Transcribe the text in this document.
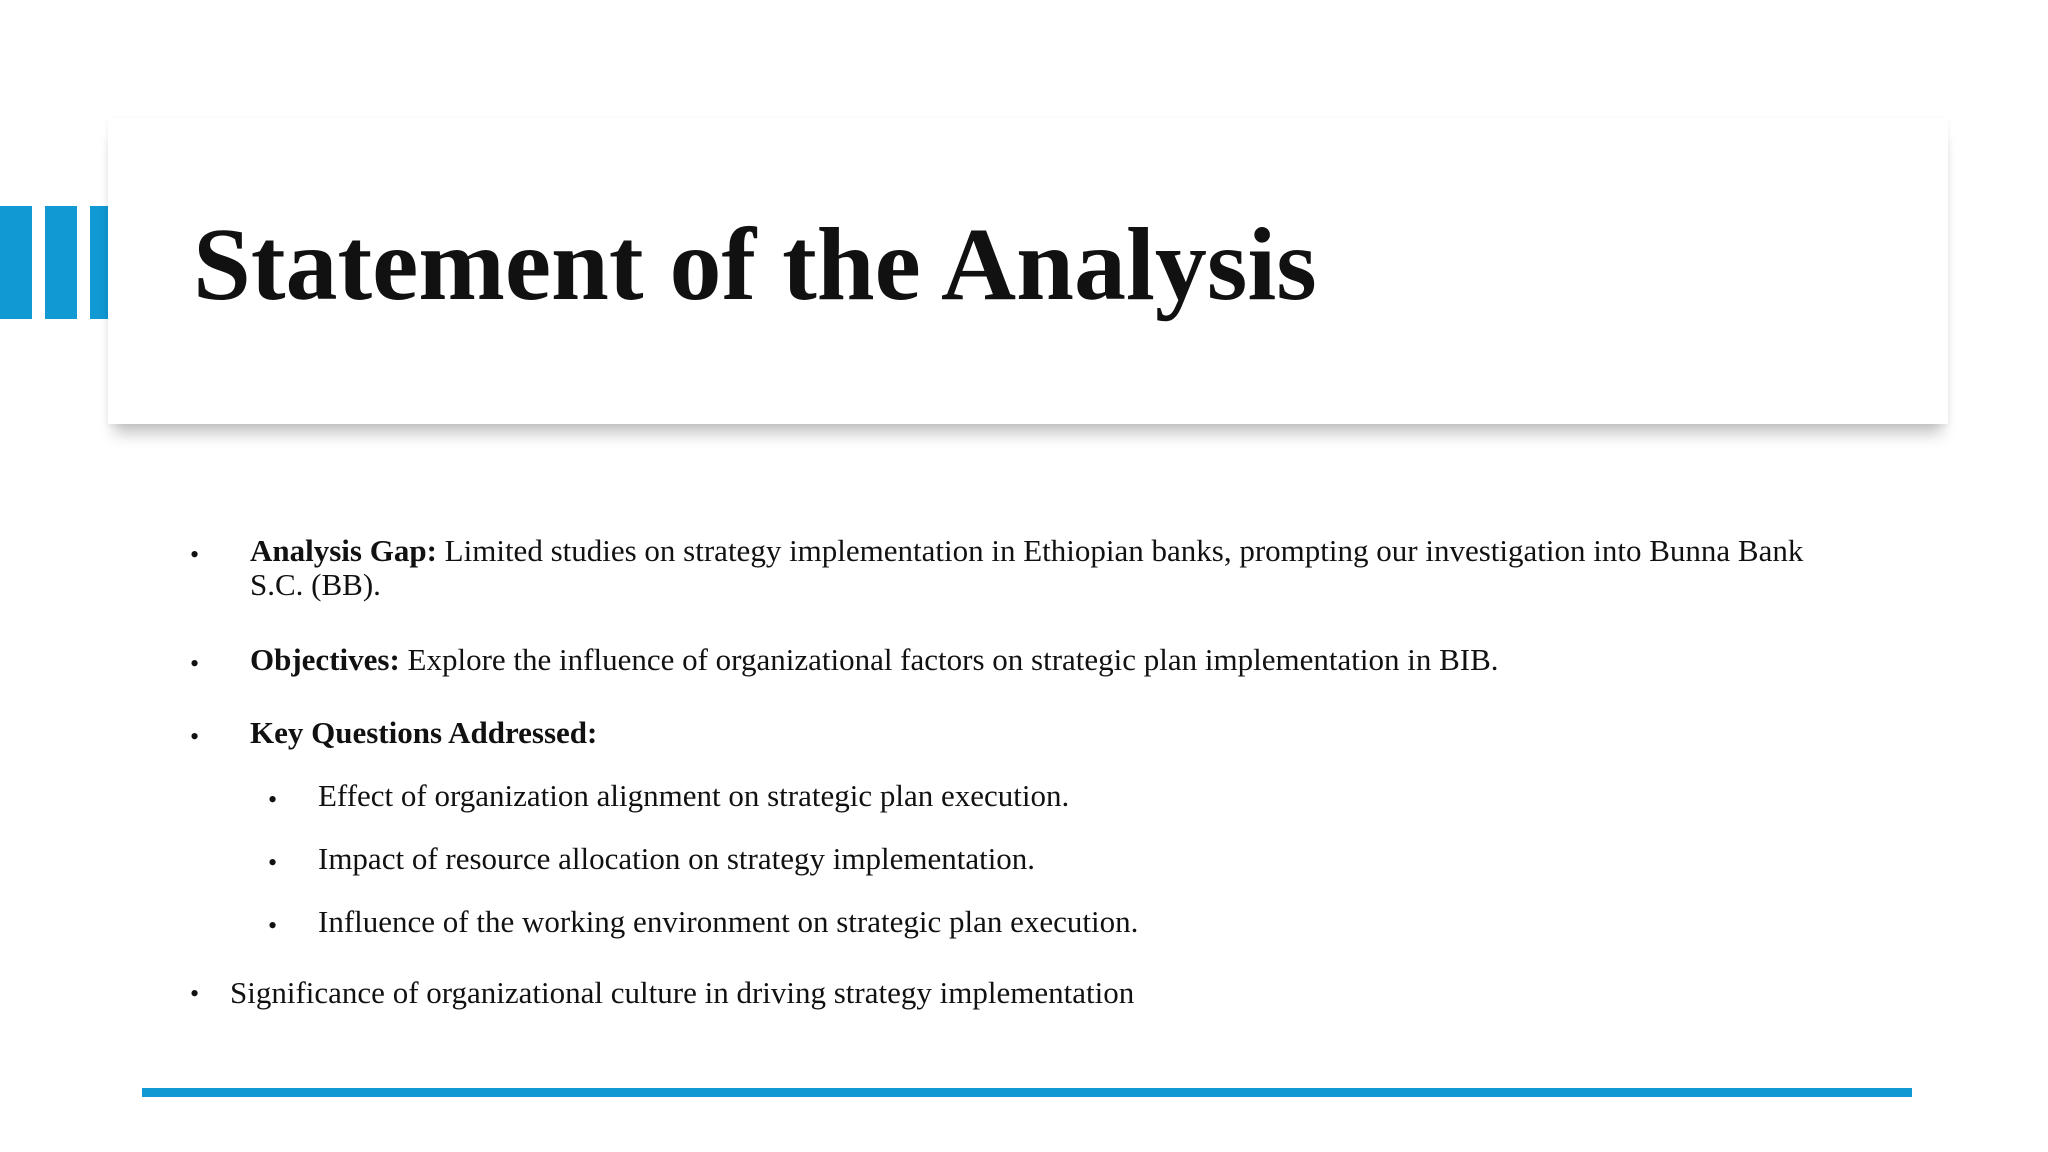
Statement of the Analysis
• Analysis Gap: Limited studies on strategy implementation in Ethiopian banks, prompting our investigation into Bunna Bank S.C. (BB).
• Objectives: Explore the influence of organizational factors on strategic plan implementation in BIB.
• Key Questions Addressed:
• Effect of organization alignment on strategic plan execution.
• Impact of resource allocation on strategy implementation.
• Influence of the working environment on strategic plan execution.
• Significance of organizational culture in driving strategy implementation
